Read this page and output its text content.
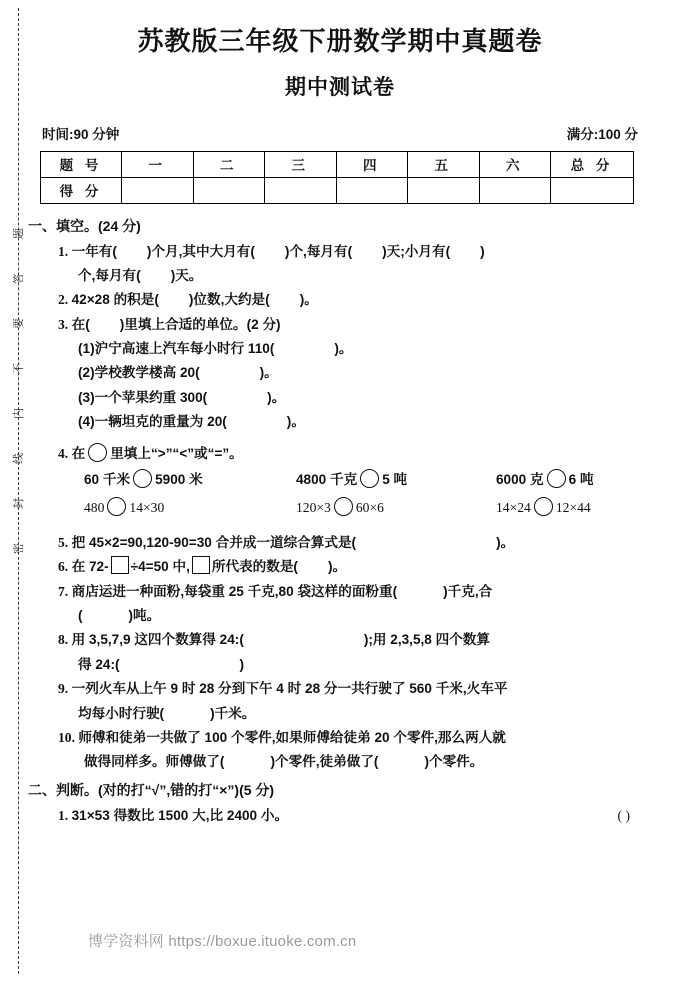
题
答
要
不
内
线
封
密
苏教版三年级下册数学期中真题卷
期中测试卷
时间:90 分钟	满分:100 分
题 号	一	二	三	四	五	六	总 分
得 分							
一、填空。(24 分)
1. 一年有( )个月,其中大月有( )个,每月有( )天;小月有( )
个,每月有( )天。
2. 42×28 的积是( )位数,大约是( )。
3. 在( )里填上合适的单位。(2 分)
(1)沪宁高速上汽车每小时行 110(	)。
(2)学校教学楼高 20(	)。
(3)一个苹果约重 300(	)。
(4)一辆坦克的重量为 20(	)。
4. 在 里填上“>”“<”或“=”。
60 千米 5900 米	4800 千克 5 吨	6000 克 6 吨
480 14×30	120×3 60×6	14×24 12×44
5. 把 45×2=90,120-90=30 合并成一道综合算式是(	)。
6. 在 72- ÷4=50 中, 所代表的数是( )。
7. 商店运进一种面粉,每袋重 25 千克,80 袋这样的面粉重(	)千克,合
(	)吨。
8. 用 3,5,7,9 这四个数算得 24:(	);用 2,3,5,8 四个数算
得 24:(	)
9. 一列火车从上午 9 时 28 分到下午 4 时 28 分一共行驶了 560 千米,火车平
均每小时行驶(	)千米。
10. 师傅和徒弟一共做了 100 个零件,如果师傅给徒弟 20 个零件,那么两人就
做得同样多。师傅做了(	)个零件,徒弟做了(	)个零件。
二、判断。(对的打“√”,错的打“×”)(5 分)
1. 31×53 得数比 1500 大,比 2400 小。	( )
博学资料网 https://boxue.ituoke.com.cn
